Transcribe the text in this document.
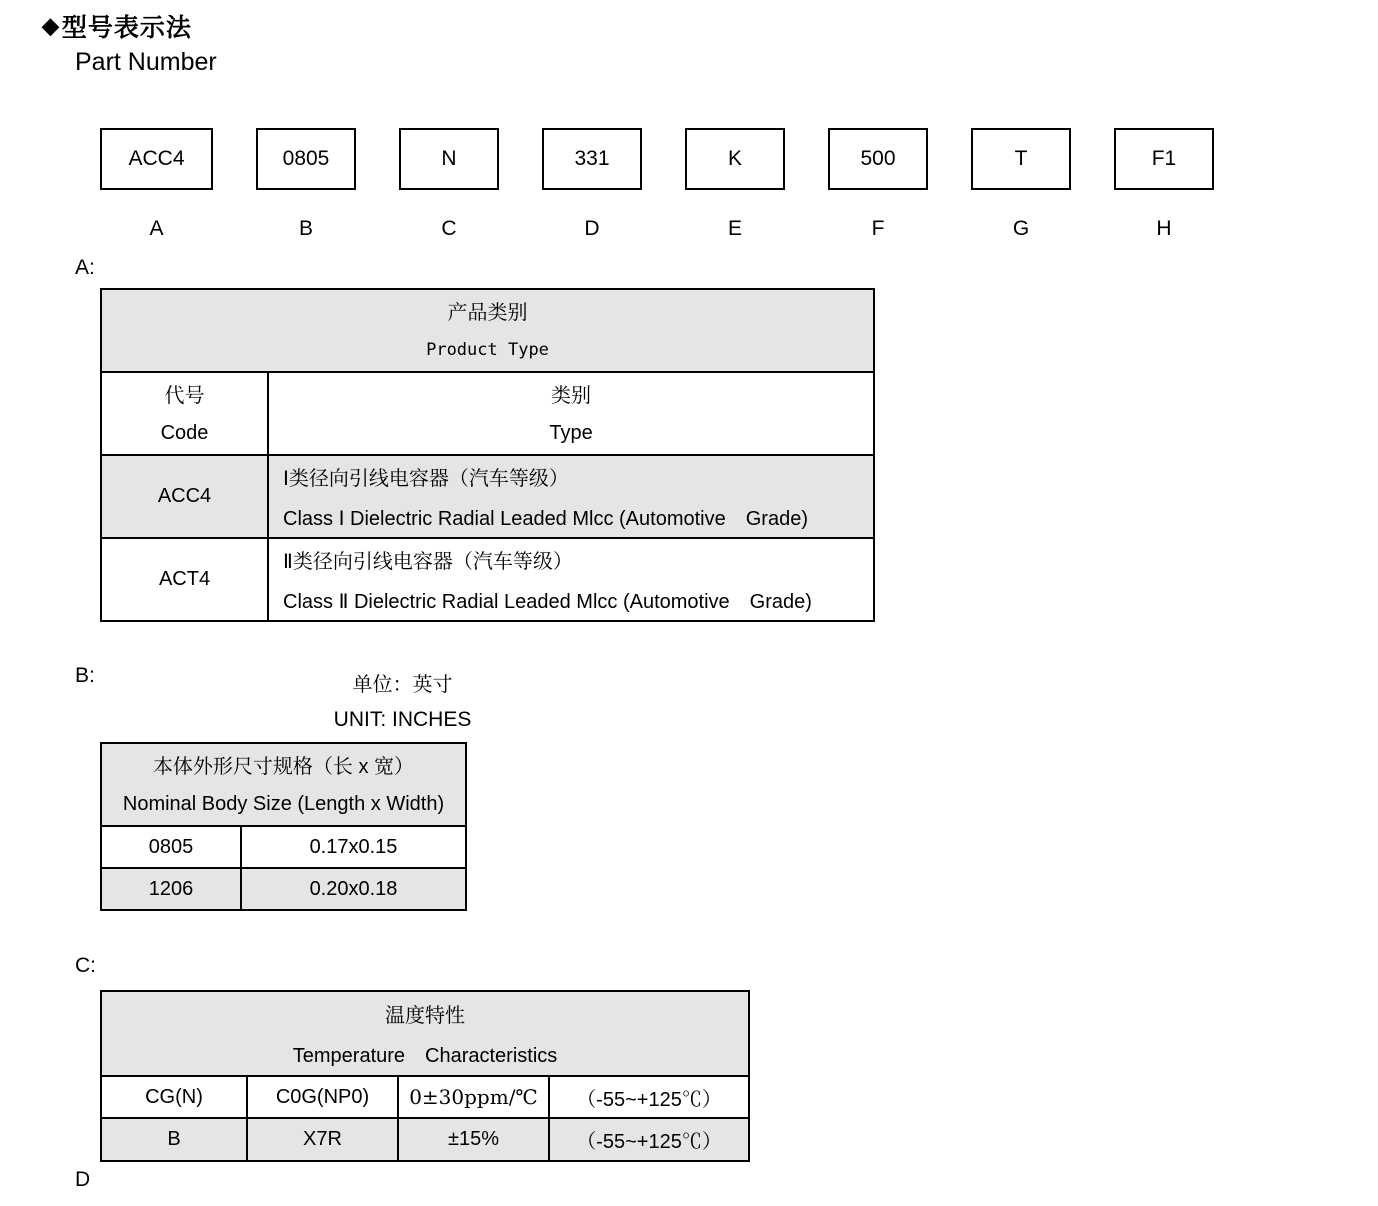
◆ 型号表示法
Part Number
ACC4
A
0805
B
N
C
331
D
K
E
500
F
T
G
F1
H
A:
产品类别
Product Type	

代号
Code

类别
Type

ACC4	Ⅰ类径向引线电容器（汽车等级）
Class Ⅰ Dielectric Radial Leaded Mlcc (Automotive　Grade)

ACT4	Ⅱ类径向引线电容器（汽车等级）
Class Ⅱ Dielectric Radial Leaded Mlcc (Automotive　Grade)
B:	单位：英寸
UNIT: INCHES
本体外形尺寸规格（长 x 宽）
Nominal Body Size (Length x Width)	

0805	0.17x0.15
1206	0.20x0.18
C:
温度特性
Temperature　Characteristics			

CG(N)	C0G(NP0)	0±30ppm/℃	（-55~+125℃）
B	X7R	±15%	（-55~+125℃）
D
